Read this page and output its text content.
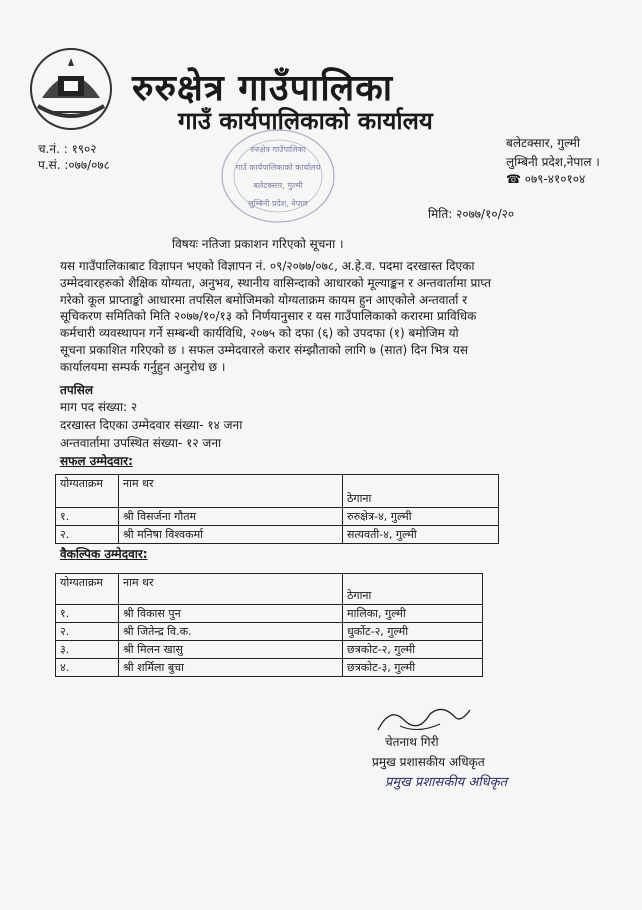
रुरुक्षेत्र गाउँपालिका
गाउँ कार्यपालिकाको कार्यालय
च.नं. : १९०२
प.सं. :०७७/०७८
बलेटक्सार, गुल्मी
लुम्बिनी प्रदेश,नेपाल ।
☎ ०७९-४१०१०४
रुरुक्षेत्र गाउँपालिका
गाउँ कार्यपालिकाको कार्यालय
बलेटक्सार, गुल्मी
लुम्बिनी प्रदेश, नेपाल
मिति: २०७७/१०/२०
विषयः नतिजा प्रकाशन गरिएको सूचना ।
यस गाउँपालिकाबाट विज्ञापन भएको विज्ञापन नं. ०९/२०७७/०७८, अ.हे.व. पदमा दरखास्त दिएका
उम्मेदवारहरुको शैक्षिक योग्यता, अनुभव, स्थानीय वासिन्दाको आधारको मूल्याङ्कन र अन्तवार्तामा प्राप्त
गरेको कूल प्राप्ताङ्को आधारमा तपसिल बमोजिमको योग्यताक्रम कायम हुन आएकोले अन्तवार्ता र
सूचिकरण समितिको मिति २०७७/१०/१३ को निर्णयानुसार र यस गाउँपालिकाको करारमा प्राविधिक
कर्मचारी व्यवस्थापन गर्ने सम्बन्धी कार्यविधि, २०७५ को दफा (६) को उपदफा (१) बमोजिम यो
सूचना प्रकाशित गरिएको छ । सफल उम्मेदवारले करार संम्झौताको लागि ७ (सात) दिन भित्र यस
कार्यालयमा सम्पर्क गर्नुहुन अनुरोध छ ।
तपसिल
माग पद संख्या: २
दरखास्त दिएका उम्मेदवार संख्या- १४ जना
अन्तवार्तामा उपस्थित संख्या- १२ जना
सफल उम्मेदवार:
योग्यताक्रम	नाम थर	ठेगाना
१.	श्री विसर्जना गौतम	रुरुक्षेत्र-४, गुल्मी
२.	श्री मनिषा विश्वकर्मा	सत्यवती-४, गुल्मी
वैकल्पिक उम्मेदवार:
योग्यताक्रम	नाम थर	ठेगाना
१.	श्री विकास पुन	मालिका, गुल्मी
२.	श्री जितेन्द्र वि.क.	धुर्कोट-२, गुल्मी
३.	श्री मिलन खासु	छत्रकोट-२, गुल्मी
४.	श्री शर्मिला बुचा	छत्रकोट-३, गुल्मी
चेतनाथ गिरी
प्रमुख प्रशासकीय अधिकृत
प्रमुख प्रशासकीय अधिकृत
